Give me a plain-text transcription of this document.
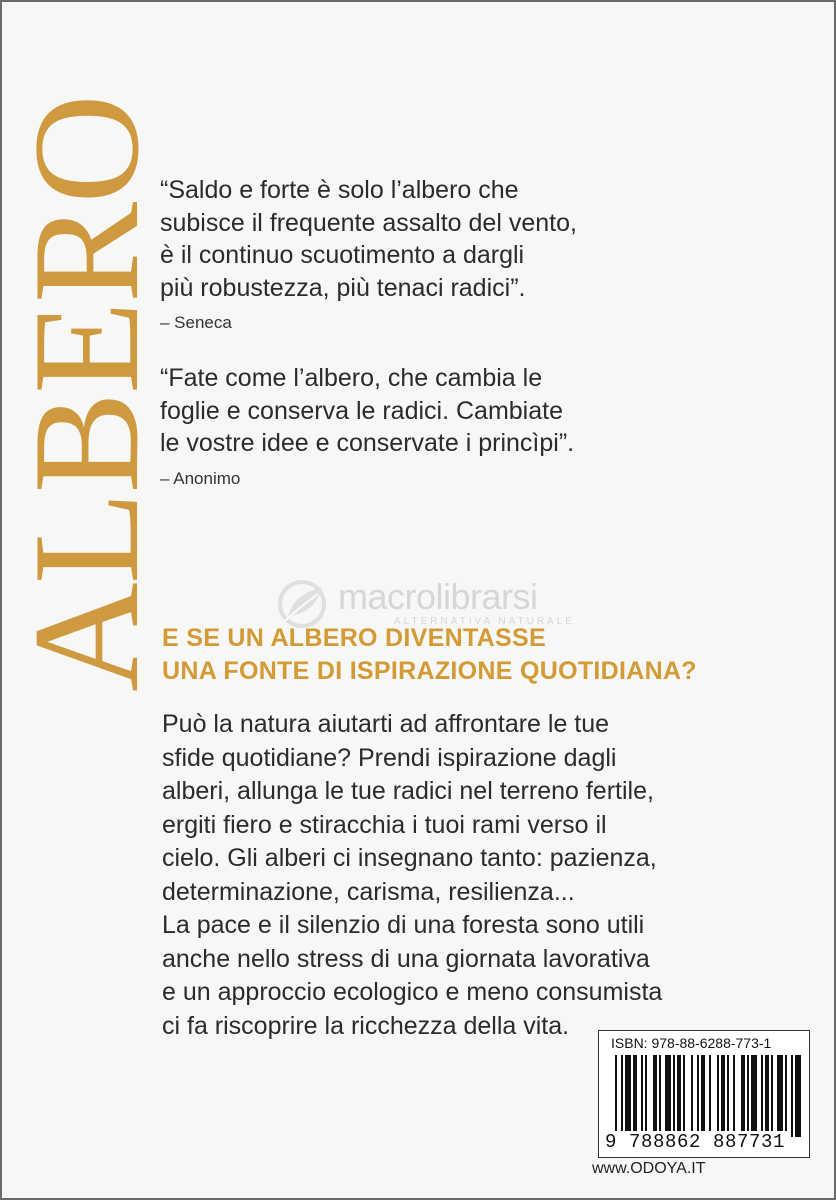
ALBERO
“Saldo e forte è solo l’albero che
subisce il frequente assalto del vento,
è il continuo scuotimento a dargli
più robustezza, più tenaci radici”.
– Seneca
“Fate come l’albero, che cambia le
foglie e conserva le radici. Cambiate
le vostre idee e conservate i princìpi”.
– Anonimo
macrolibrarsi
ALTERNATIVA NATURALE
E SE UN ALBERO DIVENTASSE
UNA FONTE DI ISPIRAZIONE QUOTIDIANA?
Può la natura aiutarti ad affrontare le tue
sfide quotidiane? Prendi ispirazione dagli
alberi, allunga le tue radici nel terreno fertile,
ergiti fiero e stiracchia i tuoi rami verso il
cielo. Gli alberi ci insegnano tanto: pazienza,
determinazione, carisma, resilienza...
La pace e il silenzio di una foresta sono utili
anche nello stress di una giornata lavorativa
e un approccio ecologico e meno consumista
ci fa riscoprire la ricchezza della vita.
ISBN: 978-88-6288-773-1
9 788862 887731
www.ODOYA.IT
